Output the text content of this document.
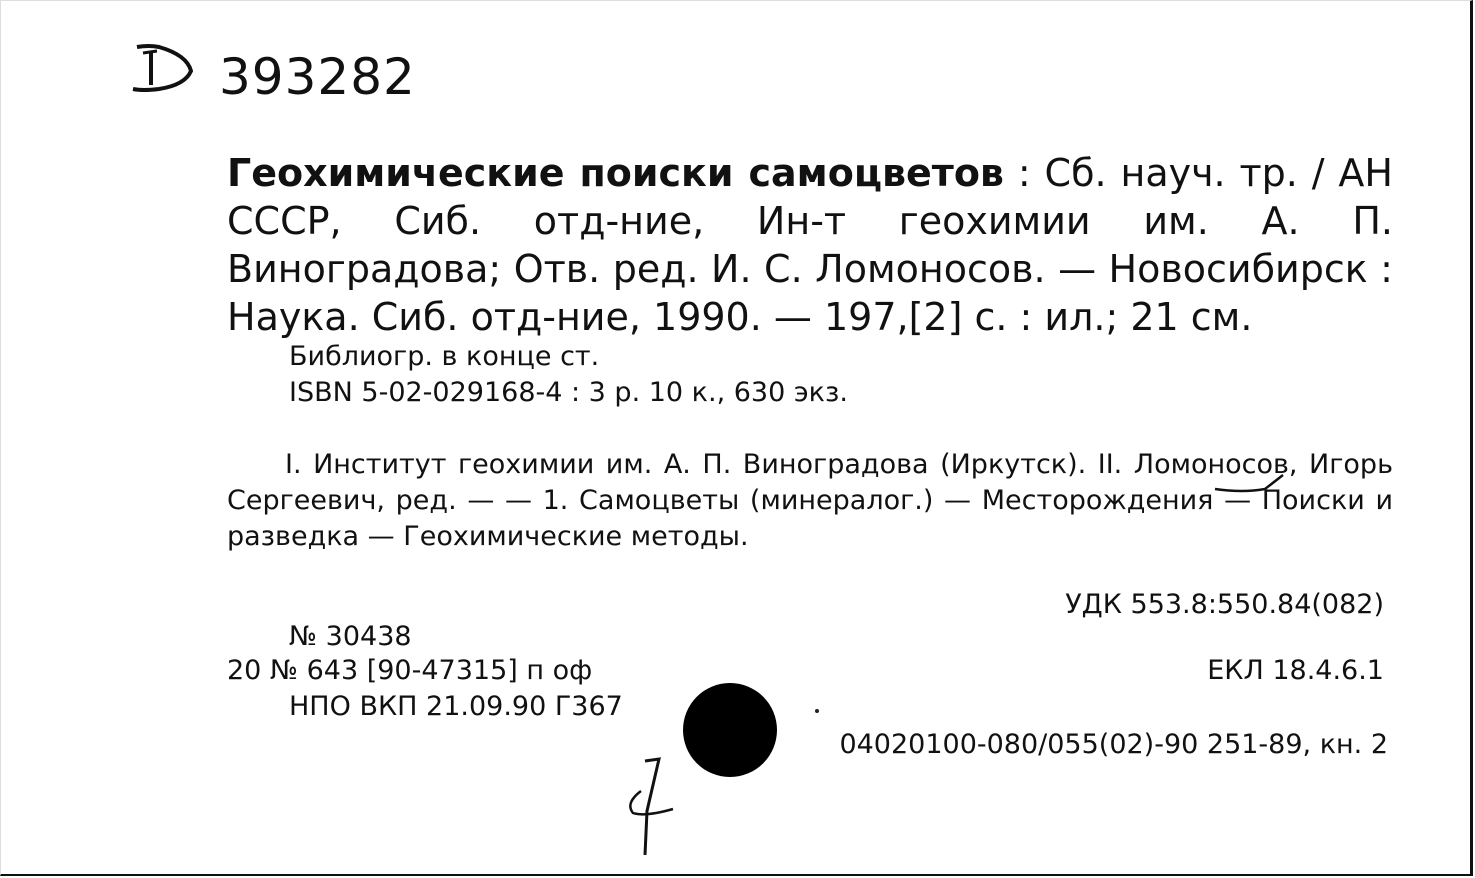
393282
Геохимические поиски самоцветов : Сб. науч. тр. / АН СССР, Сиб. отд-ние, Ин-т геохимии им. А. П. Виноградова; Отв. ред. И. С. Ломоносов. — Новосибирск : Наука. Сиб. отд-ние, 1990. — 197,[2] с. : ил.; 21 см.
Библиогр. в конце ст.
ISBN 5-02-029168-4 : 3 р. 10 к., 630 экз.
I. Институт геохимии им. А. П. Виноградова (Иркутск). II. Ломоносов, Игорь Сергеевич, ред. — — 1. Самоцветы (минералог.) — Месторождения — Поиски и разведка — Геохимические методы.
УДК 553.8:550.84(082)
№ 30438
20 № 643 [90-47315] п оф	ЕКЛ 18.4.6.1
НПО ВКП 21.09.90 Г367
04020100-080/055(02)-90 251-89, кн. 2
